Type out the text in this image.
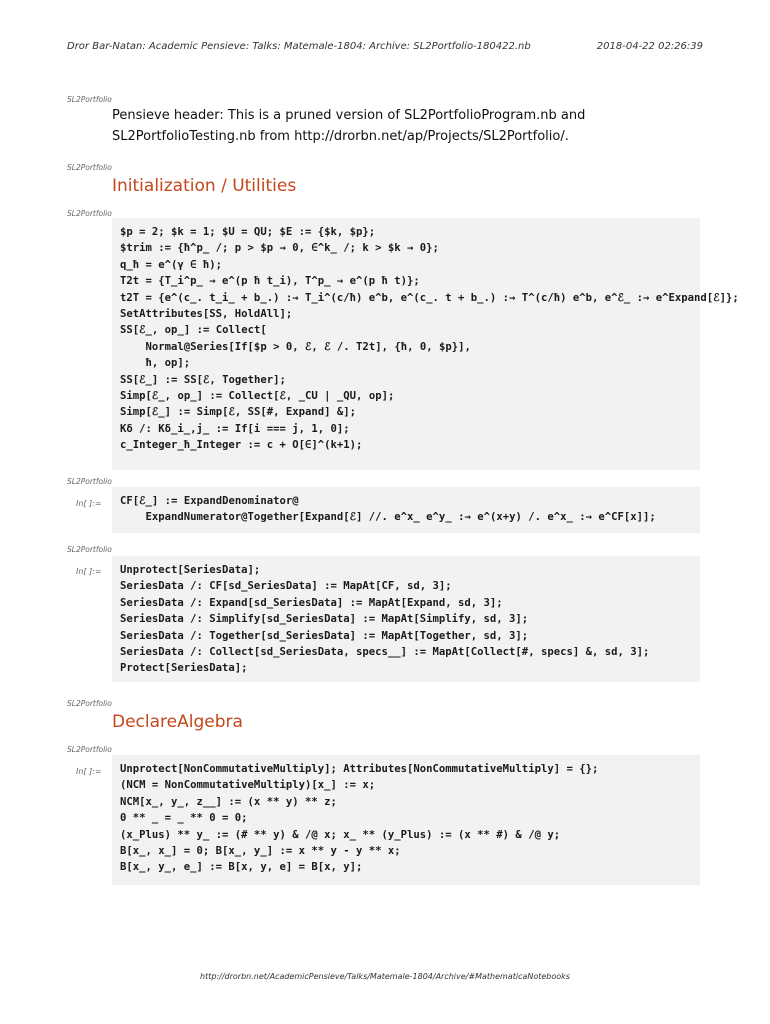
Dror Bar-Natan: Academic Pensieve: Talks: Matemale-1804: Archive: SL2Portfolio-180422.nb	2018-04-22 02:26:39
SL2Portfolio
Pensieve header: This is a pruned version of SL2PortfolioProgram.nb and SL2PortfolioTesting.nb from http://drorbn.net/ap/Projects/SL2Portfolio/.
SL2Portfolio
Initialization / Utilities
SL2Portfolio
$p = 2; $k = 1; $U = QU; $E := {$k, $p};
$trim := {ħ^p_ /; p > $p → 0, ∈^k_ /; k > $k → 0};
q_ħ = e^(γ ∈ ħ);
T2t = {T_i^p_ → e^(p ħ t_i), T^p_ → e^(p ħ t)};
t2T = {e^(c_. t_i_ + b_.) :→ T_i^(c/ħ) e^b, e^(c_. t + b_.) :→ T^(c/ħ) e^b, e^ℰ_ :→ e^Expand[ℰ]};
SetAttributes[SS, HoldAll];
SS[ℰ_, op_] := Collect[
Normal@Series[If[$p > 0, ℰ, ℰ /. T2t], {ħ, 0, $p}],
ħ, op];
SS[ℰ_] := SS[ℰ, Together];
Simp[ℰ_, op_] := Collect[ℰ, _CU | _QU, op];
Simp[ℰ_] := Simp[ℰ, SS[#, Expand] &];
Kδ /: Kδ_i_,j_ := If[i === j, 1, 0];
c_Integer_ħ_Integer := c + O[∈]^(k+1);
SL2Portfolio
In[ ]:= CF[ℰ_] := ExpandDenominator@
ExpandNumerator@Together[Expand[ℰ] //. e^x_ e^y_ :→ e^(x+y) /. e^x_ :→ e^CF[x]];
SL2Portfolio
In[ ]:= Unprotect[SeriesData];
SeriesData /: CF[sd_SeriesData] := MapAt[CF, sd, 3];
SeriesData /: Expand[sd_SeriesData] := MapAt[Expand, sd, 3];
SeriesData /: Simplify[sd_SeriesData] := MapAt[Simplify, sd, 3];
SeriesData /: Together[sd_SeriesData] := MapAt[Together, sd, 3];
SeriesData /: Collect[sd_SeriesData, specs__] := MapAt[Collect[#, specs] &, sd, 3];
Protect[SeriesData];
SL2Portfolio
DeclareAlgebra
SL2Portfolio
In[ ]:= Unprotect[NonCommutativeMultiply]; Attributes[NonCommutativeMultiply] = {};
(NCM = NonCommutativeMultiply)[x_] := x;
NCM[x_, y_, z__] := (x ** y) ** z;
0 ** _ = _ ** 0 = 0;
(x_Plus) ** y_ := (# ** y) & /@ x; x_ ** (y_Plus) := (x ** #) & /@ y;
B[x_, x_] = 0; B[x_, y_] := x ** y - y ** x;
B[x_, y_, e_] := B[x, y, e] = B[x, y];
http://drorbn.net/AcademicPensieve/Talks/Matemale-1804/Archive/#MathematicaNotebooks
